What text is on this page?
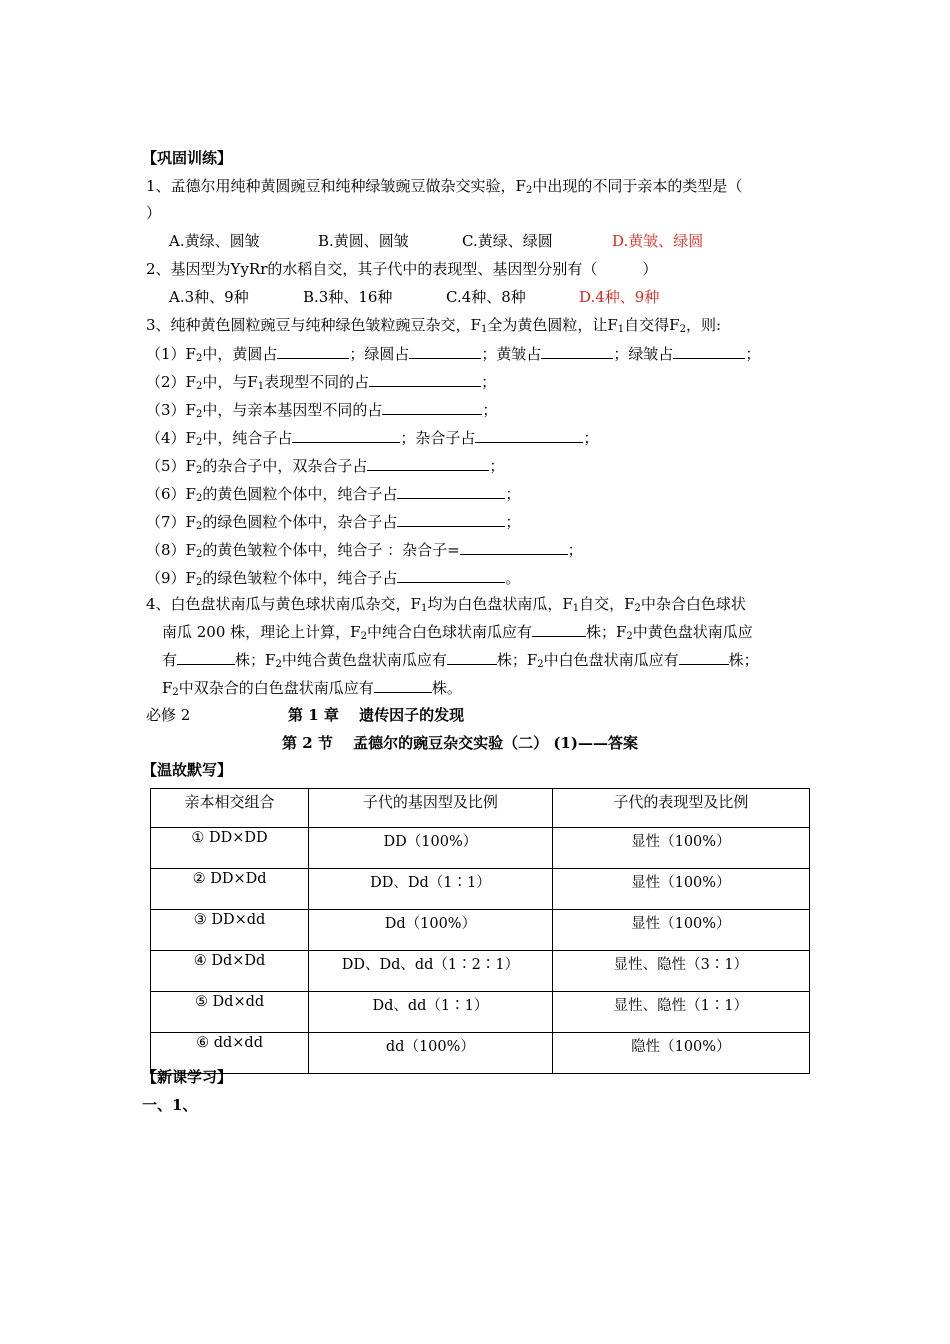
【巩固训练】
1、孟德尔用纯种黄圆豌豆和纯种绿皱豌豆做杂交实验，$F_2$中出现的不同于亲本的类型是（
）
A.黄绿、圆皱	B.黄圆、圆皱	C.黄绿、绿圆	D.黄皱、绿圆
2、基因型为YyRr的水稻自交，其子代中的表现型、基因型分别有（　　　）
A.3种、9种	B.3种、16种	C.4种、8种	D.4种、9种
3、纯种黄色圆粒豌豆与纯种绿色皱粒豌豆杂交，$F_1$全为黄色圆粒，让$F_1$自交得$F_2$，则:
$(1)F_2$中，黄圆占	；绿圆占	；黄皱占	；绿皱占	；
$(2)F_2$中，与$F_1$表现型不同的占	；
$(3)F_2$中，与亲本基因型不同的占	；
$(4)F_2$中，纯合子占	；杂合子占	；
$(5)F_2$的杂合子中，双杂合子占	；
$(6)F_2$的黄色圆粒个体中，纯合子占	；
$(7)F_2$的绿色圆粒个体中，杂合子占	；
$(8)F_2$的黄色皱粒个体中，纯合子 ：杂合子=	；
$(9)F_2$的绿色皱粒个体中，纯合子占	。
4、白色盘状南瓜与黄色球状南瓜杂交，$F_1$均为白色盘状南瓜，$F_1$自交，$F_2$中杂合白色球状
南瓜 200 株，理论上计算，$F_2$中纯合白色球状南瓜应有	株；$F_2$中黄色盘状南瓜应
有	株；$F_2$中纯合黄色盘状南瓜应有	株；$F_2$中白色盘状南瓜应有	株；
$F_2$中双杂合的白色盘状南瓜应有	株。
必修 2	第 1 章　 遗传因子的发现
第 2 节　 孟德尔的豌豆杂交实验（二） (1)——答案
【温故默写】
亲本相交组合	子代的基因型及比例	子代的表现型及比例
① DD×DD	DD（100%）	显性（100%）
② DD×Dd	DD、Dd（1∶1）	显性（100%）
③ DD×dd	Dd（100%）	显性（100%）
④ Dd×Dd	DD、Dd、dd（1∶2∶1）	显性、隐性（3∶1）
⑤ Dd×dd	Dd、dd（1∶1）	显性、隐性（1∶1）
⑥ dd×dd	dd（100%）	隐性（100%）
【新课学习】
一、1、
